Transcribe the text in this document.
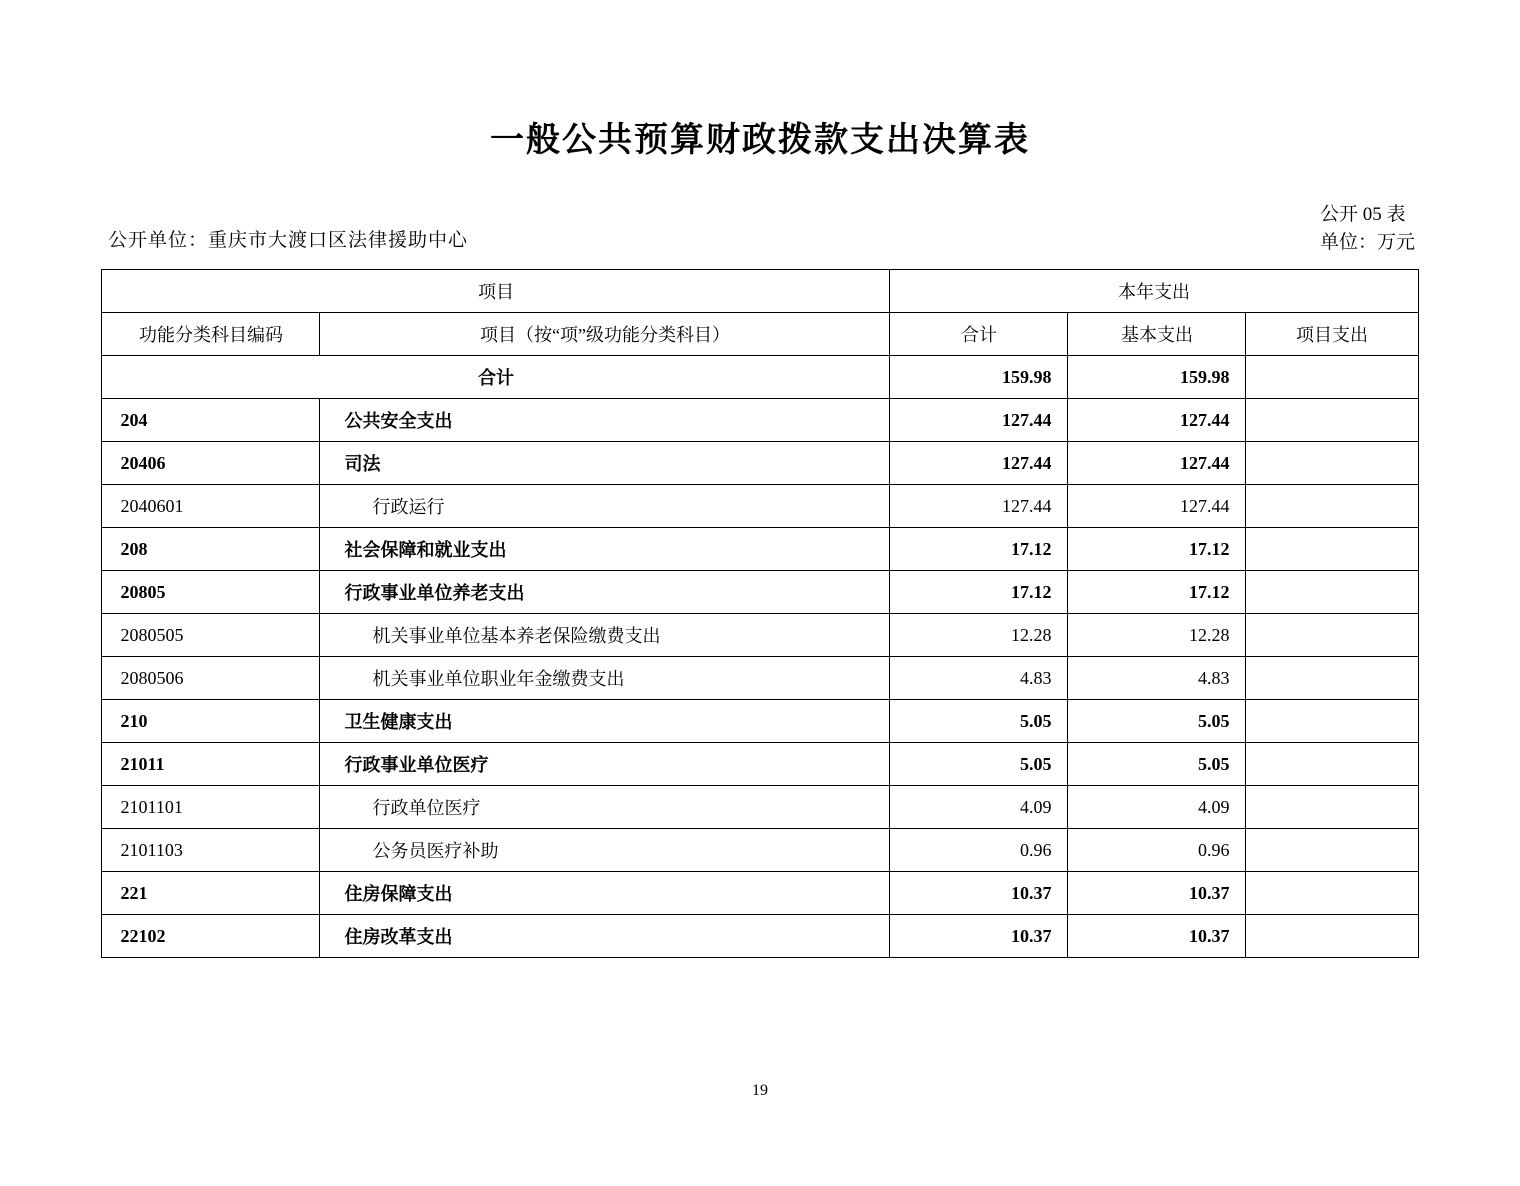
一般公共预算财政拨款支出决算表
公开单位：重庆市大渡口区法律援助中心
公开 05 表
单位：万元
项目		本年支出		
功能分类科目编码	项目（按“项”级功能分类科目）	合计	基本支出	项目支出
合计		159.98	159.98	
204	公共安全支出	127.44	127.44	
20406	司法	127.44	127.44	
2040601	行政运行	127.44	127.44	
208	社会保障和就业支出	17.12	17.12	
20805	行政事业单位养老支出	17.12	17.12	
2080505	机关事业单位基本养老保险缴费支出	12.28	12.28	
2080506	机关事业单位职业年金缴费支出	4.83	4.83	
210	卫生健康支出	5.05	5.05	
21011	行政事业单位医疗	5.05	5.05	
2101101	行政单位医疗	4.09	4.09	
2101103	公务员医疗补助	0.96	0.96	
221	住房保障支出	10.37	10.37	
22102	住房改革支出	10.37	10.37	
19
